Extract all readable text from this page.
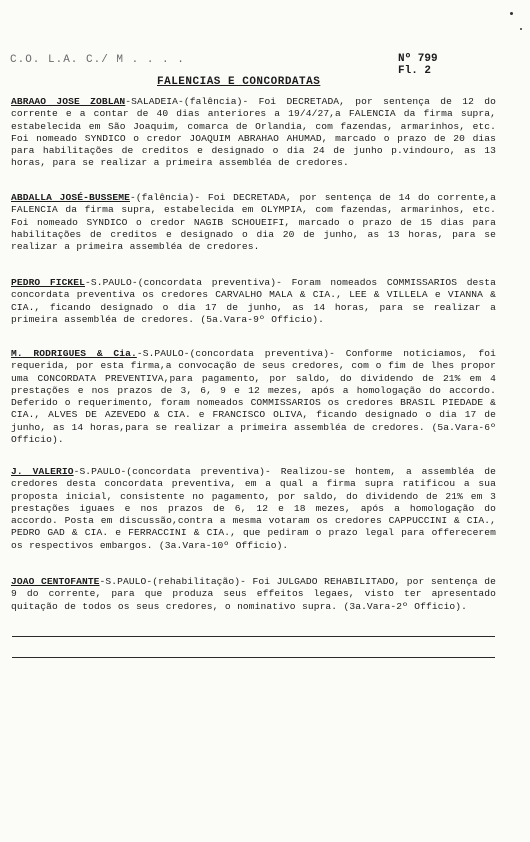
C.O. L.A. C./ M . . . .	Nº 799
Fl. 2
FALENCIAS E CONCORDATAS
ABRAAO JOSE ZOBLAN-SALADEIA-(falência)- Foi DECRETADA, por sentença de 12 do corrente e a contar de 40 dias anteriores a 19/4/27,a FALENCIA da firma supra, estabelecida em São Joaquim, comarca de Orlandia, com fazendas, armarinhos, etc. Foi nomeado SYNDICO o credor JOAQUIM ABRAHAO AHUMAD, marcado o prazo de 20 dias para habilitações de creditos e designado o dia 24 de junho p.vindouro, as 13 horas, para se realizar a primeira assembléa de credores.
ABDALLA JOSÉ-BUSSEME-(falência)- Foi DECRETADA, por sentença de 14 do corrente,a FALENCIA da firma supra, estabelecida em OLYMPIA, com fazendas, armarinhos, etc. Foi nomeado SYNDICO o credor NAGIB SCHOUEIFI, marcado o prazo de 15 dias para habilitações de creditos e designado o dia 20 de junho, as 13 horas, para se realizar a primeira assembléa de credores.
PEDRO FICKEL-S.PAULO-(concordata preventiva)- Foram nomeados COMMISSARIOS desta concordata preventiva os credores CARVALHO MALA & CIA., LEE & VILLELA e VIANNA & CIA., ficando designado o dia 17 de junho, as 14 horas, para se realizar a primeira assembléa de credores. (5a.Vara-9º Officio).
M. RODRIGUES & Cia.-S.PAULO-(concordata preventiva)- Conforme noticiamos, foi requerida, por esta firma,a convocação de seus credores, com o fim de lhes propor uma CONCORDATA PREVENTIVA,para pagamento, por saldo, do dividendo de 21% em 4 prestações e nos prazos de 3, 6, 9 e 12 mezes, após a homologação do accordo. Deferido o requerimento, foram nomeados COMMISSARIOS os credores BRASIL PIEDADE & CIA., ALVES DE AZEVEDO & CIA. e FRANCISCO OLIVA, ficando designado o dia 17 de junho, as 14 horas,para se realizar a primeira assembléa de credores. (5a.Vara-6º Officio).
J. VALERIO-S.PAULO-(concordata preventiva)- Realizou-se hontem, a assembléa de credores desta concordata preventiva, em a qual a firma supra ratificou a sua proposta inicial, consistente no pagamento, por saldo, do dividendo de 21% em 3 prestações iguaes e nos prazos de 6, 12 e 18 mezes, após a homologação do accordo. Posta em discussão,contra a mesma votaram os credores CAPPUCCINI & CIA., PEDRO GAD & CIA. e FERRACCINI & CIA., que pediram o prazo legal para offerecerem os respectivos embargos. (3a.Vara-10º Officio).
JOAO CENTOFANTE-S.PAULO-(rehabilitação)- Foi JULGADO REHABILITADO, por sentença de 9 do corrente, para que produza seus effeitos legaes, visto ter apresentado quitação de todos os seus credores, o nominativo supra. (3a.Vara-2º Officio).
